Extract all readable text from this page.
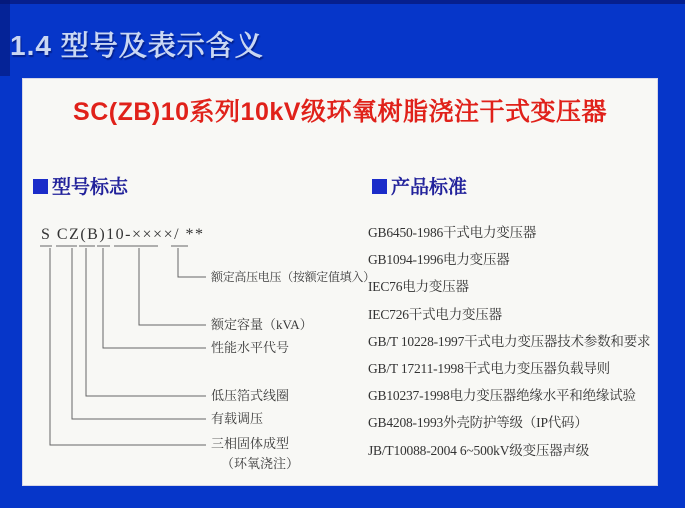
1.4 型号及表示含义
SC(ZB)10系列10kV级环氧树脂浇注干式变压器
型号标志	产品标准
S CZ(B)10-××××/ **
额定高压电压（按额定值填入）
额定容量（kVA）
性能水平代号
低压箔式线圈
有载调压
三相固体成型
（环氧浇注）
GB6450-1986干式电力变压器
GB1094-1996电力变压器
IEC76电力变压器
IEC726干式电力变压器
GB/T 10228-1997干式电力变压器技术参数和要求
GB/T 17211-1998干式电力变压器负载导则
GB10237-1998电力变压器绝缘水平和绝缘试验
GB4208-1993外壳防护等级（IP代码）
JB/T10088-2004 6~500kV级变压器声级
